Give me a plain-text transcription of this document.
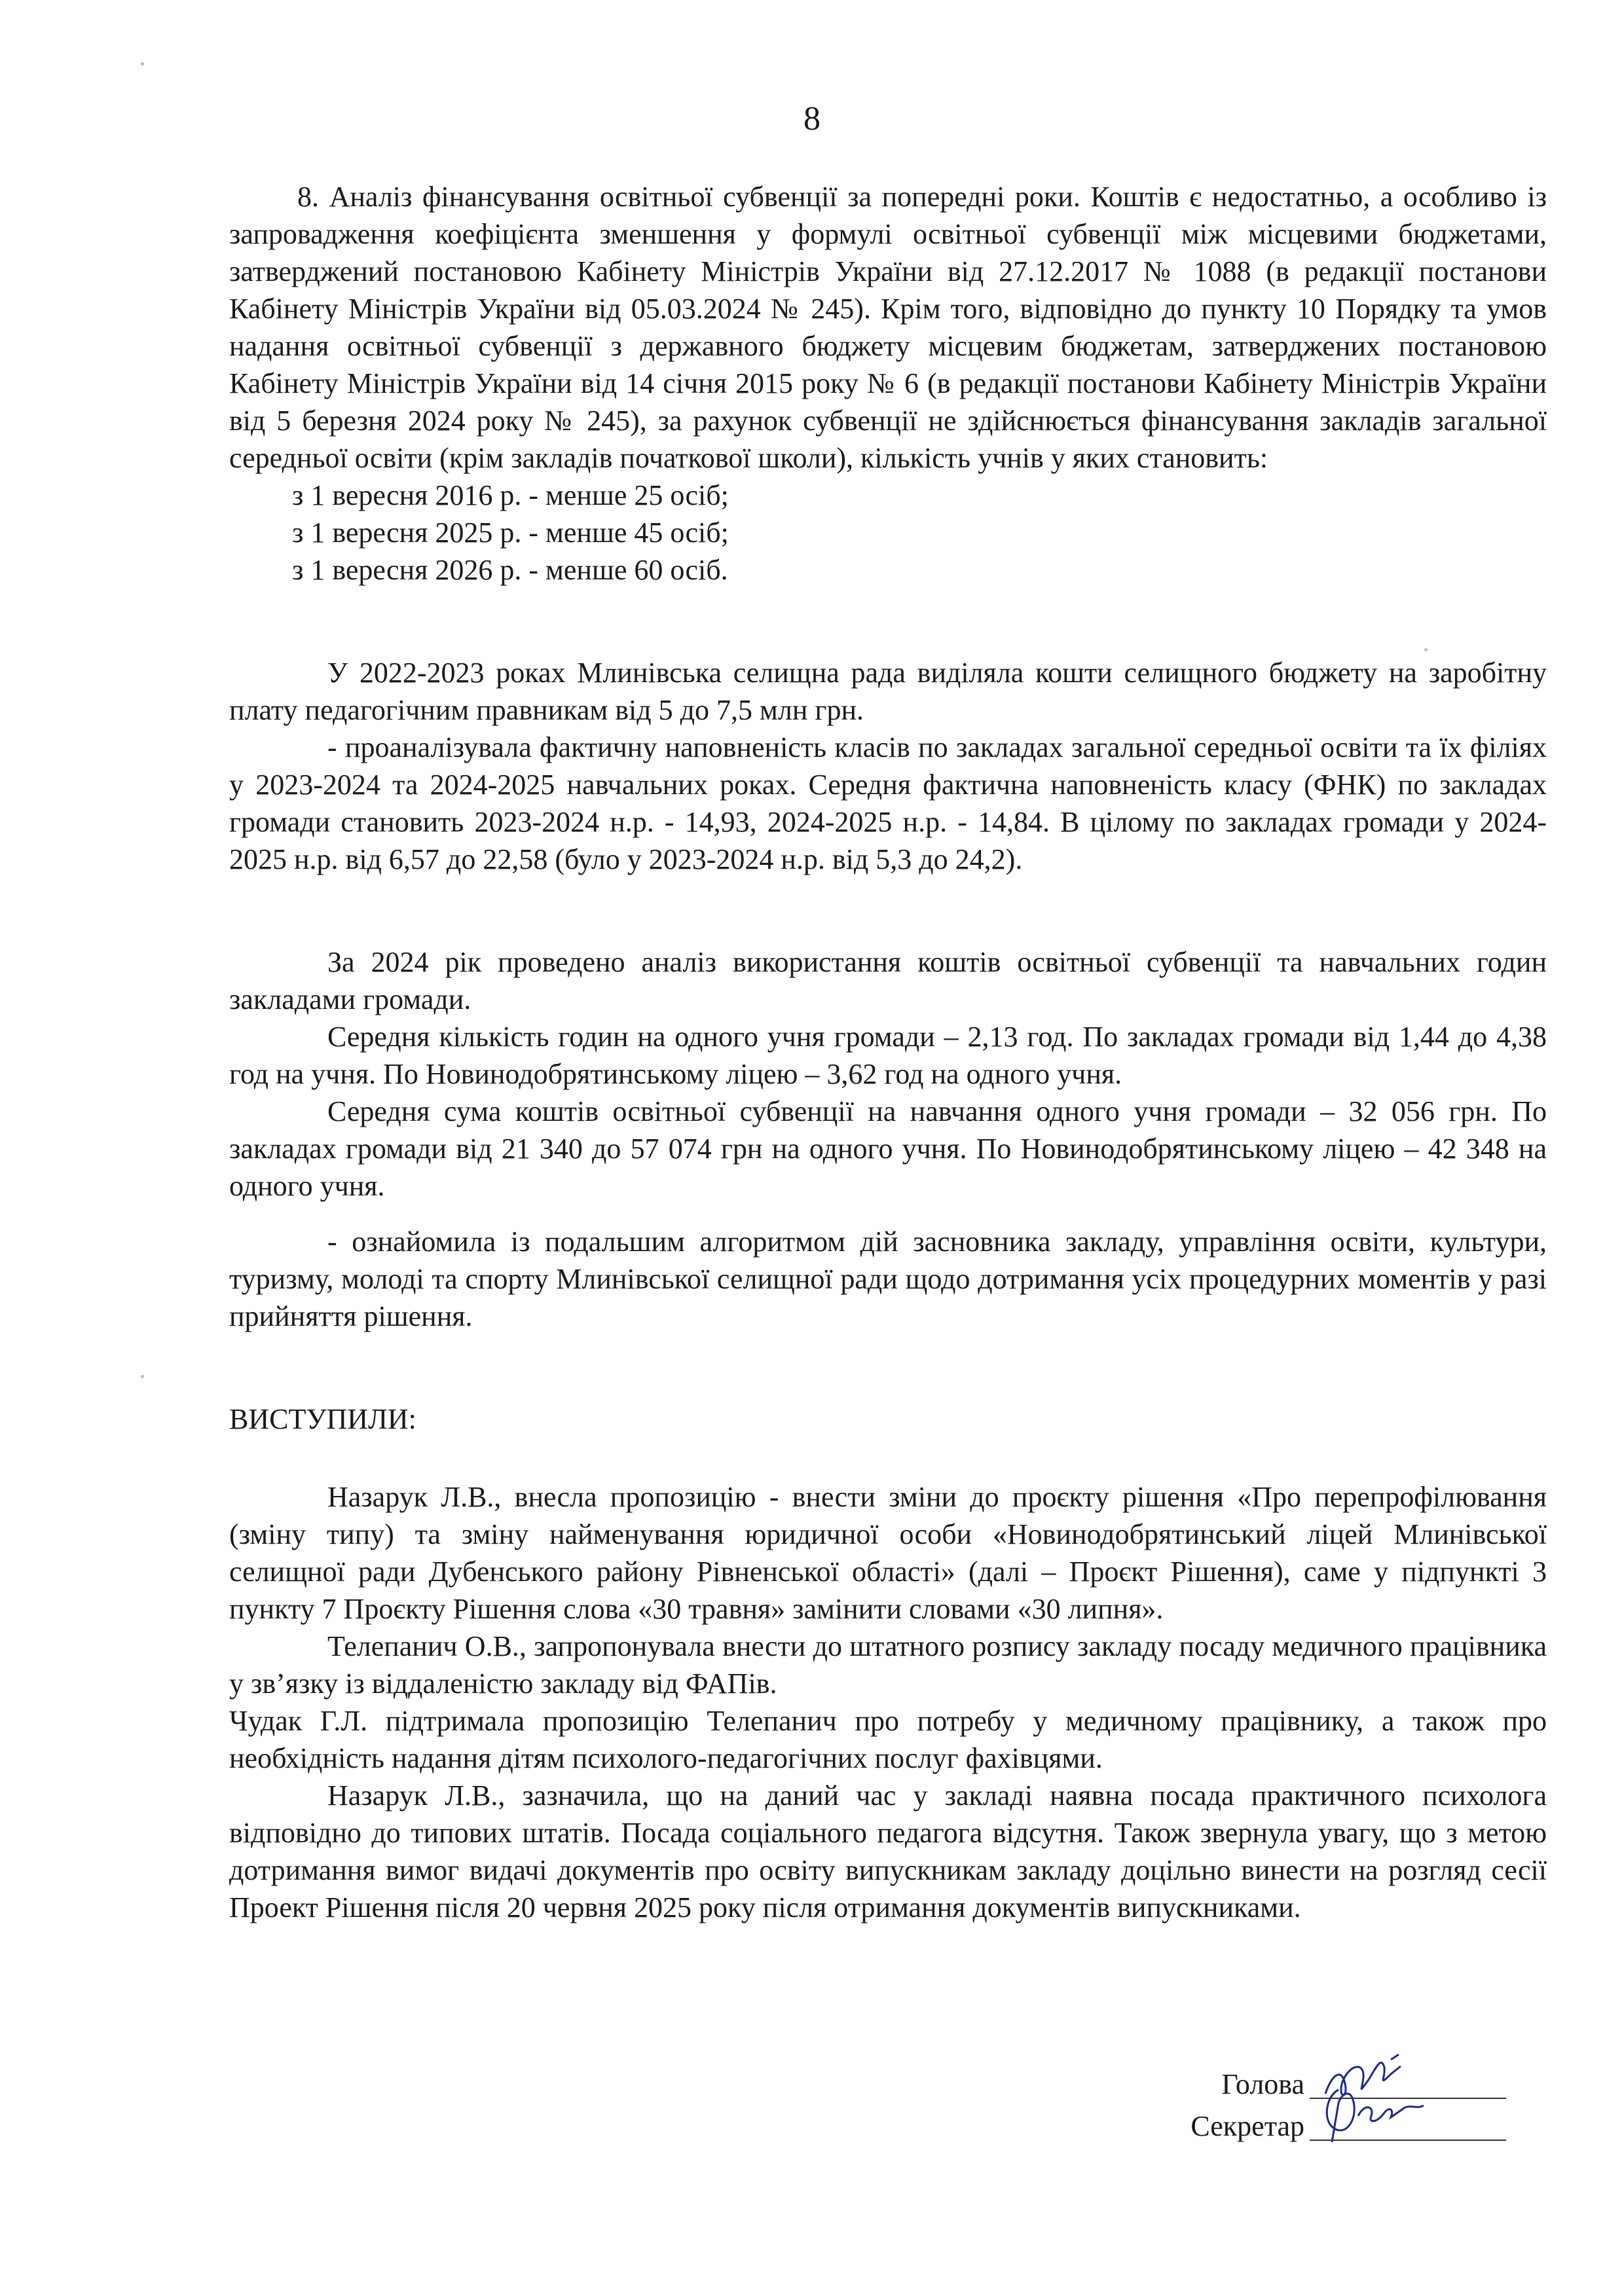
8

8. Аналіз фінансування освітньої субвенції за попередні роки. Коштів є недостатньо, а особливо із запровадження коефіцієнта зменшення у формулі освітньої субвенції між місцевими бюджетами, затверджений постановою Кабінету Міністрів України від 27.12.2017 № 1088 (в редакції постанови Кабінету Міністрів України від 05.03.2024 № 245). Крім того, відповідно до пункту 10 Порядку та умов надання освітньої субвенції з державного бюджету місцевим бюджетам, затверджених постановою Кабінету Міністрів України від 14 січня 2015 року № 6 (в редакції постанови Кабінету Міністрів України від 5 березня 2024 року № 245), за рахунок субвенції не здійснюється фінансування закладів загальної середньої освіти (крім закладів початкової школи), кількість учнів у яких становить:

з 1 вересня 2016 р. - менше 25 осіб;

з 1 вересня 2025 р. - менше 45 осіб;

з 1 вересня 2026 р. - менше 60 осіб.

У 2022-2023 роках Млинівська селищна рада виділяла кошти селищного бюджету на заробітну плату педагогічним правникам від 5 до 7,5 млн грн.

- проаналізувала фактичну наповненість класів по закладах загальної середньої освіти та їх філіях у 2023-2024 та 2024-2025 навчальних роках. Середня фактична наповненість класу (ФНК) по закладах громади становить 2023-2024 н.р. - 14,93, 2024-2025 н.р. - 14,84. В цілому по закладах громади у 2024-2025 н.р. від 6,57 до 22,58 (було у 2023-2024 н.р. від 5,3 до 24,2).

За 2024 рік проведено аналіз використання коштів освітньої субвенції та навчальних годин закладами громади.

Середня кількість годин на одного учня громади – 2,13 год. По закладах громади від 1,44 до 4,38 год на учня. По Новинодобрятинському ліцею – 3,62 год на одного учня.

Середня сума коштів освітньої субвенції на навчання одного учня громади – 32 056 грн. По закладах громади від 21 340 до 57 074 грн на одного учня. По Новинодобрятинському ліцею – 42 348 на одного учня.

- ознайомила із подальшим алгоритмом дій засновника закладу, управління освіти, культури, туризму, молоді та спорту Млинівської селищної ради щодо дотримання усіх процедурних моментів у разі прийняття рішення.

ВИСТУПИЛИ:

Назарук Л.В., внесла пропозицію - внести зміни до проєкту рішення «Про перепрофілювання (зміну типу) та зміну найменування юридичної особи «Новинодобрятинський ліцей Млинівської селищної ради Дубенського району Рівненської області» (далі – Проєкт Рішення), саме у підпункті 3 пункту 7 Проєкту Рішення слова «30 травня» замінити словами «30 липня».

Телепанич О.В., запропонувала внести до штатного розпису закладу посаду медичного працівника у зв’язку із віддаленістю закладу від ФАПів.

Чудак Г.Л. підтримала пропозицію Телепанич про потребу у медичному працівнику, а також про необхідність надання дітям психолого-педагогічних послуг фахівцями.

Назарук Л.В., зазначила, що на даний час у закладі наявна посада практичного психолога відповідно до типових штатів. Посада соціального педагога відсутня. Також звернула увагу, що з метою дотримання вимог видачі документів про освіту випускникам закладу доцільно винести на розгляд сесії Проект Рішення після 20 червня 2025 року після отримання документів випускниками.

Голова
Секретар
